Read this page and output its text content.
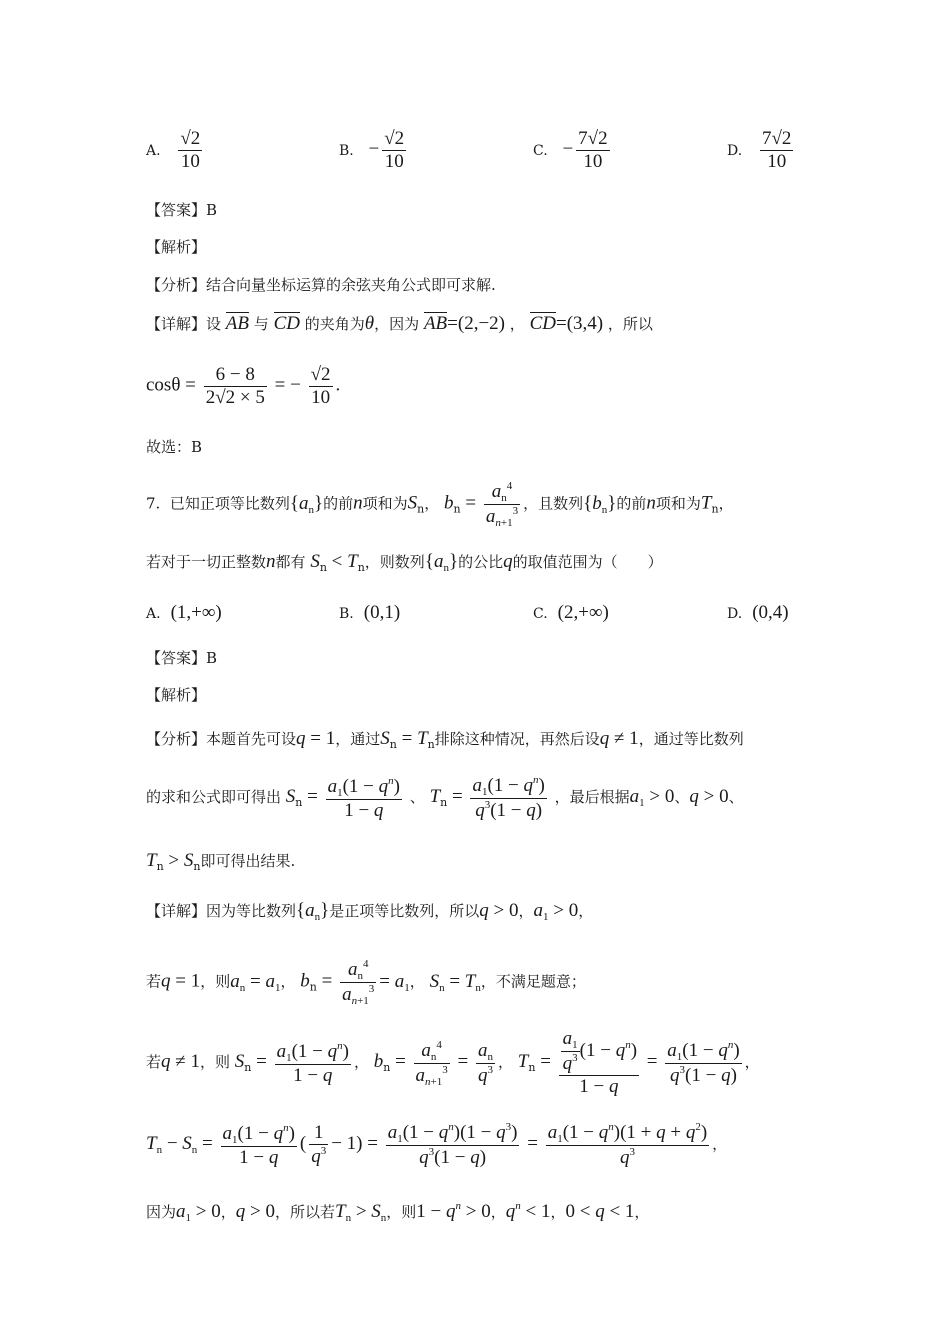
A. $\frac{√2}{10}$	B. − $\frac{√2}{10}$	C. − $\frac{7√2}{10}$	D. $\frac{7√2}{10}$
【答案】B
【解析】
【分析】结合向量坐标运算的余弦夹角公式即可求解.
【详解】设 AB 与 CD 的夹角为θ，因为 AB=(2,−2) ， CD=(3,4) ，所以
$\cos\theta = \frac{6 - 8}{2√2 \times 5}$ = − $\frac{√2}{10}$ .
故选：B
7. 已知正项等比数列$\{a_n\}$的前n项和为$S_n$， $b_n = \frac{a_n^4}{a_{n+1}^3}$ ，且数列$\{b_n\}$的前n项和为$T_n$，
若对于一切正整数n都有 $S_n < T_n$，则数列$\{a_n\}$的公比q的取值范围为（　　）
A. (1,+∞)	B. (0,1)	C. (2,+∞)	D. (0,4)
【答案】B
【解析】
【分析】本题首先可设q = 1，通过$S_n = T_n$排除这种情况，再然后设q ≠ 1，通过等比数列
的求和公式即可得出 $S_n = \frac{a_1(1 - q^n)}{1 - q}$ 、 $T_n = \frac{a_1(1 - q^n)}{q^3(1 - q)}$ ，最后根据$a_1 > 0$、q > 0、
$T_n > S_n$即可得出结果.
【详解】因为等比数列$\{a_n\}$是正项等比数列，所以q > 0，$a_1 > 0$，
若q = 1，则$a_n = a_1$， $b_n = \frac{a_n^4}{a_{n+1}^3} = a_1$， $S_n = T_n$，不满足题意；
若q ≠ 1，则 $S_n = \frac{a_1(1 - q^n)}{1 - q}$ ， $b_n = \frac{a_n^4}{a_{n+1}^3} = \frac{a_n}{q^3}$ ， $T_n = \frac{\frac{a_1}{q^3} (1 - q^n)}{1 - q} = \frac{a_1(1 - q^n)}{q^3(1 - q)}$ ，
$T_n - S_n = \frac{a_1(1 - q^n)}{1 - q}$ ( $\frac{1}{q^3} - 1) = \frac{a_1(1 - q^n)(1 - q^3)}{q^3(1 - q)} = \frac{a_1(1 - q^n)(1 + q + q^2)}{q^3}$ ，
因为$a_1 > 0$，q > 0，所以若$T_n > S_n$，则$1 - q^n > 0$，$q^n < 1$，0 < q < 1，
